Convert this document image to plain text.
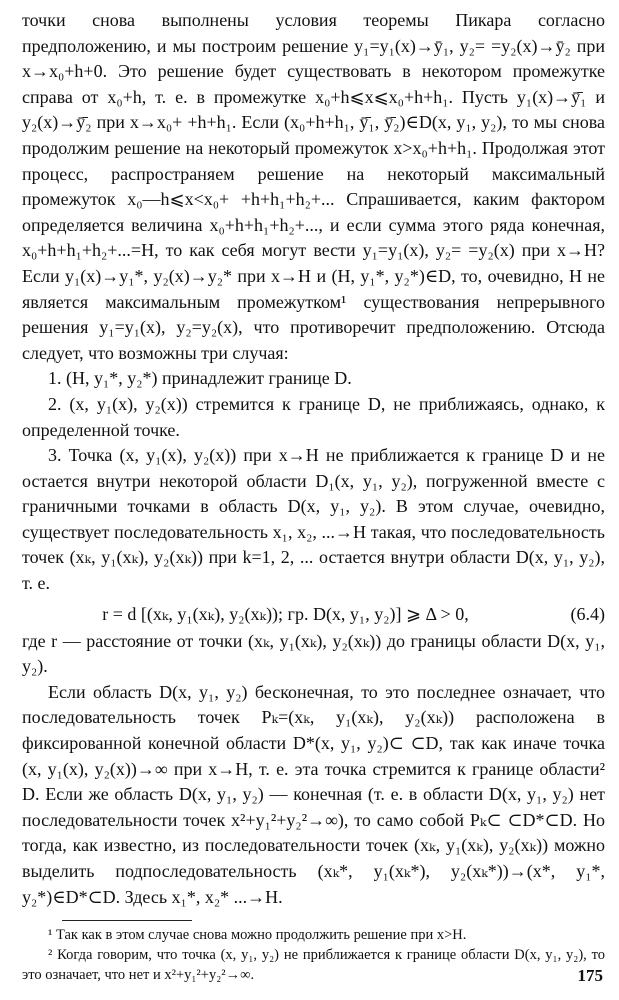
точки снова выполнены условия теоремы Пикара согласно предположению, и мы построим решение y₁=y₁(x)→ȳ₁, y₂= =y₂(x)→ȳ₂ при x→x₀+h+0. Это решение будет существовать в некотором промежутке справа от x₀+h, т. е. в промежутке x₀+h⩽x⩽x₀+h+h₁. Пусть y₁(x)→ȳ̄₁ и y₂(x)→ȳ̄₂ при x→x₀+ +h+h₁. Если (x₀+h+h₁, ȳ̄₁, ȳ̄₂)∈D(x, y₁, y₂), то мы снова продолжим решение на некоторый промежуток x>x₀+h+h₁. Продолжая этот процесс, распространяем решение на некоторый максимальный промежуток x₀—h⩽x<x₀+ +h+h₁+h₂+... Спрашивается, каким фактором определяется величина x₀+h+h₁+h₂+..., и если сумма этого ряда конечная, x₀+h+h₁+h₂+...=H, то как себя могут вести y₁=y₁(x), y₂= =y₂(x) при x→H? Если y₁(x)→y₁*, y₂(x)→y₂* при x→H и (H, y₁*, y₂*)∈D, то, очевидно, H не является максимальным промежутком¹ существования непрерывного решения y₁=y₁(x), y₂=y₂(x), что противоречит предположению. Отсюда следует, что возможны три случая:

1. (H, y₁*, y₂*) принадлежит границе D.

2. (x, y₁(x), y₂(x)) стремится к границе D, не приближаясь, однако, к определенной точке.

3. Точка (x, y₁(x), y₂(x)) при x→H не приближается к границе D и не остается внутри некоторой области D₁(x, y₁, y₂), погруженной вместе с граничными точками в область D(x, y₁, y₂). В этом случае, очевидно, существует последовательность x₁, x₂, ...→H такая, что последовательность точек (xₖ, y₁(xₖ), y₂(xₖ)) при k=1, 2, ... остается внутри области D(x, y₁, y₂), т. е.

r = d [(xₖ, y₁(xₖ), y₂(xₖ)); гр. D(x, y₁, y₂)] ⩾ Δ > 0,	(6.4)

где r — расстояние от точки (xₖ, y₁(xₖ), y₂(xₖ)) до границы области D(x, y₁, y₂).

Если область D(x, y₁, y₂) бесконечная, то это последнее означает, что последовательность точек Pₖ=(xₖ, y₁(xₖ), y₂(xₖ)) расположена в фиксированной конечной области D*(x, y₁, y₂)⊂ ⊂D, так как иначе точка (x, y₁(x), y₂(x))→∞ при x→H, т. е. эта точка стремится к границе области² D. Если же область D(x, y₁, y₂) — конечная (т. е. в области D(x, y₁, y₂) нет последовательности точек x²+y₁²+y₂²→∞), то само собой Pₖ⊂ ⊂D*⊂D. Но тогда, как известно, из последовательности точек (xₖ, y₁(xₖ), y₂(xₖ)) можно выделить подпоследовательность (xₖ*, y₁(xₖ*), y₂(xₖ*))→(x*, y₁*, y₂*)∈D*⊂D. Здесь x₁*, x₂* ...→H.

¹ Так как в этом случае снова можно продолжить решение при x>H.

² Когда говорим, что точка (x, y₁, y₂) не приближается к границе области D(x, y₁, y₂), то это означает, что нет и x²+y₁²+y₂²→∞.	175
